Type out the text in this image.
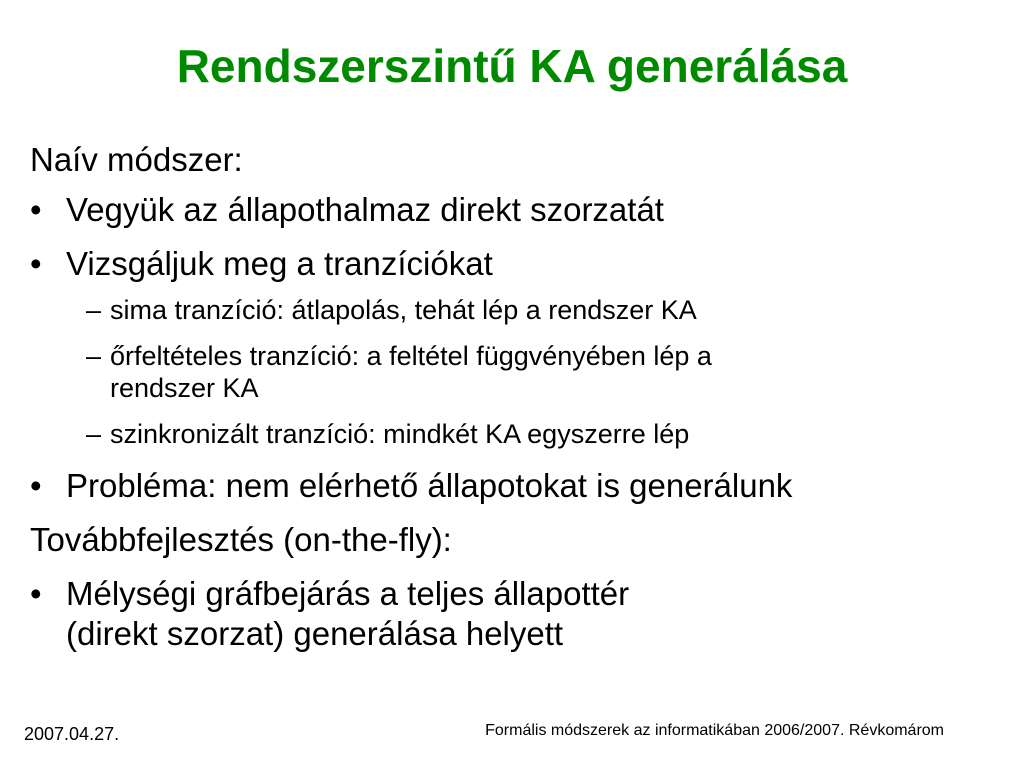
Rendszerszintű KA generálása

Naív módszer:

• Vegyük az állapothalmaz direkt szorzatát
• Vizsgáljuk meg a tranzíciókat
– sima tranzíció: átlapolás, tehát lép a rendszer KA
– őrfeltételes tranzíció: a feltétel függvényében lép a
rendszer KA
– szinkronizált tranzíció: mindkét KA egyszerre lép
• Probléma: nem elérhető állapotokat is generálunk

Továbbfejlesztés (on-the-fly):

• Mélységi gráfbejárás a teljes állapottér
(direkt szorzat) generálása helyett
2007.04.27.	Formális módszerek az informatikában 2006/2007. Révkomárom
